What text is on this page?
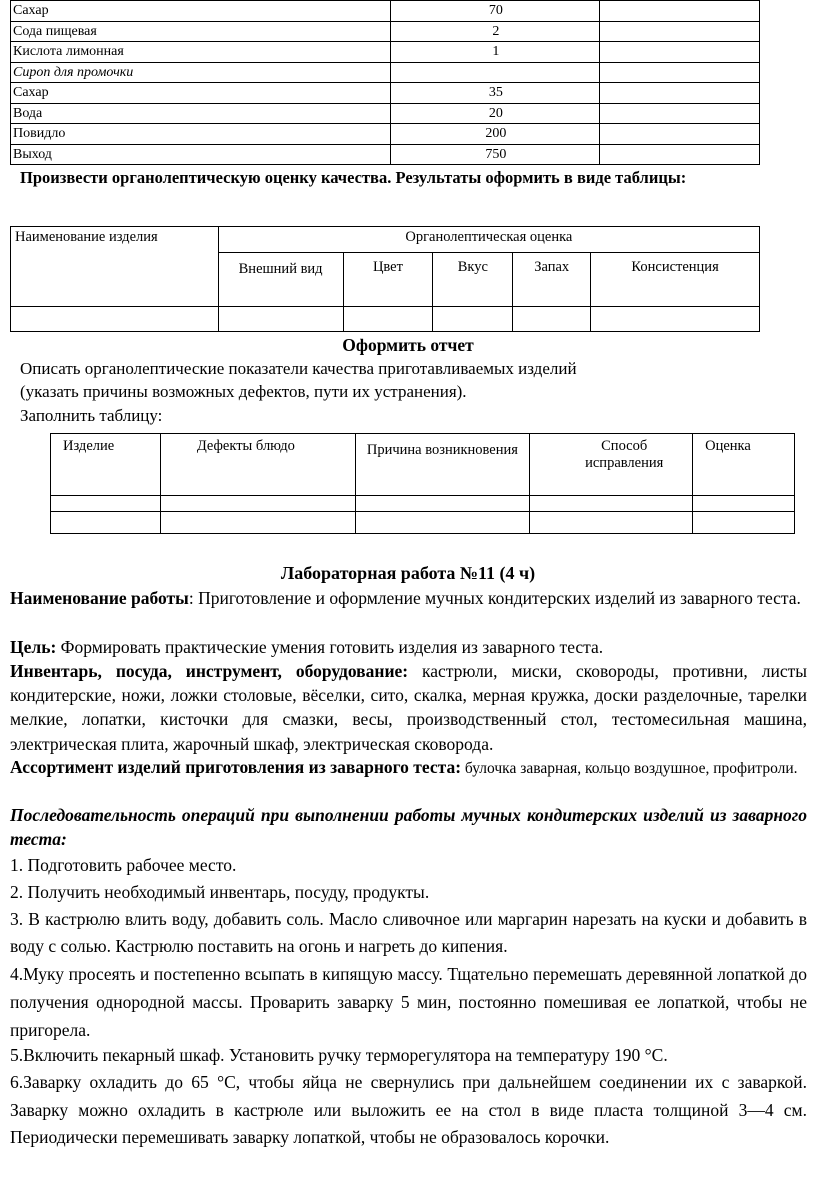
Сахар	70	
Сода пищевая	2	
Кислота лимонная	1	
Сироп для промочки		
Сахар	35	
Вода	20	
Повидло	200	
Выход	750	
Произвести органолептическую оценку качества. Результаты оформить в виде таблицы:
Наименование изделия	Органолептическая оценка				
	Внешний вид	Цвет	Вкус	Запах	Консистенция

Оформить отчет
Описать органолептические показатели качества приготавливаемых изделий
(указать причины возможных дефектов, пути их устранения).
Заполнить таблицу:
Изделие	Дефекты блюдо	Причина возникновения	Способ исправления	Оценка

Лабораторная работа №11 (4 ч)
Наименование работы: Приготовление и оформление мучных кондитерских изделий из заварного теста.
Цель: Формировать практические умения готовить изделия из заварного теста.
Инвентарь, посуда, инструмент, оборудование: кастрюли, миски, сковороды, противни, листы кондитерские, ножи, ложки столовые, вёселки, сито, скалка, мерная кружка, доски разделочные, тарелки мелкие, лопатки, кисточки для смазки, весы, производственный стол, тестомесильная машина, электрическая плита, жарочный шкаф, электрическая сковорода.
Ассортимент изделий приготовления из заварного теста: булочка заварная, кольцо воздушное, профитроли.
Последовательность операций при выполнении работы мучных кондитерских изделий из заварного теста:
1. Подготовить рабочее место.
2. Получить необходимый инвентарь, посуду, продукты.
3. В кастрюлю влить воду, добавить соль. Масло сливочное или маргарин нарезать на куски и добавить в воду с солью. Кастрюлю поставить на огонь и нагреть до кипения.
4.Муку просеять и постепенно всыпать в кипящую массу. Тщательно перемешать деревянной лопаткой до получения однородной массы. Проварить заварку 5 мин, постоянно помешивая ее лопаткой, чтобы не пригорела.
5.Включить пекарный шкаф. Установить ручку терморегулятора на температуру 190 °С.
6.Заварку охладить до 65 °С, чтобы яйца не свернулись при дальнейшем соединении их с заваркой. Заварку можно охладить в кастрюле или выложить ее на стол в виде пласта толщиной 3—4 см. Периодически перемешивать заварку лопаткой, чтобы не образовалось корочки.
